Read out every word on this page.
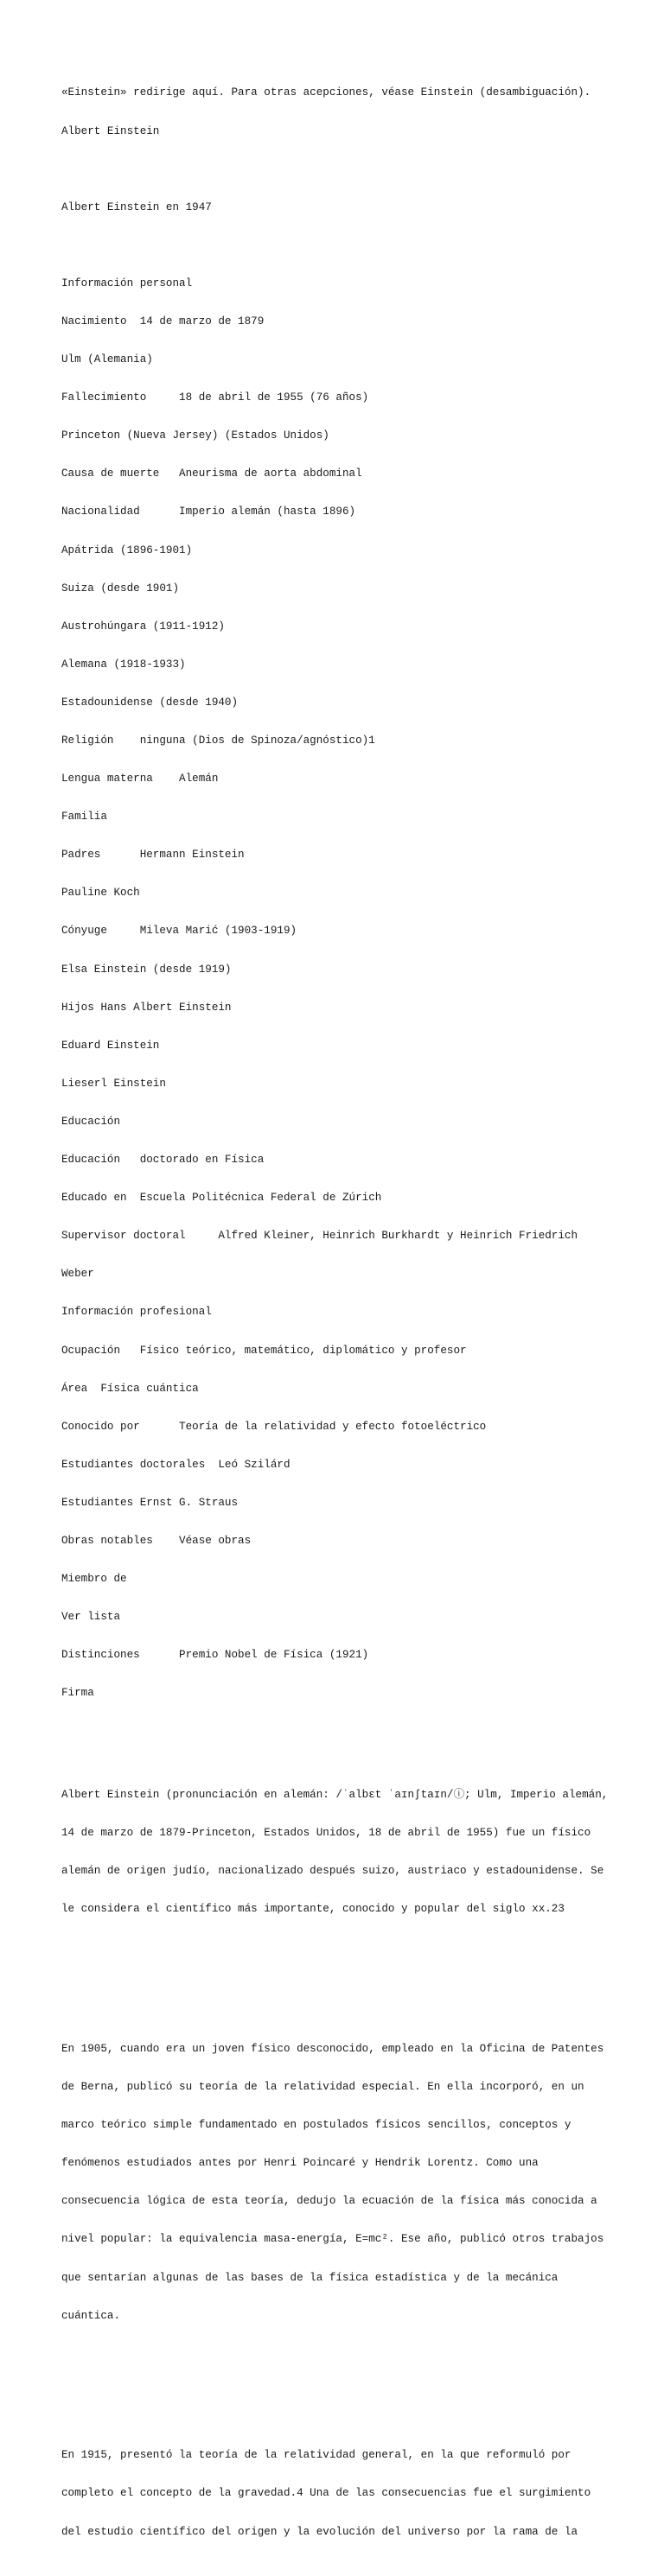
«Einstein» redirige aquí. Para otras acepciones, véase Einstein (desambiguación).

Albert Einstein

Albert Einstein en 1947

Información personal

Nacimiento  14 de marzo de 1879

Ulm (Alemania)

Fallecimiento     18 de abril de 1955 (76 años)

Princeton (Nueva Jersey) (Estados Unidos)

Causa de muerte   Aneurisma de aorta abdominal

Nacionalidad      Imperio alemán (hasta 1896)

Apátrida (1896-1901)

Suiza (desde 1901)

Austrohúngara (1911-1912)

Alemana (1918-1933)

Estadounidense (desde 1940)

Religión    ninguna (Dios de Spinoza/agnóstico)1

Lengua materna    Alemán

Familia

Padres      Hermann Einstein

Pauline Koch

Cónyuge     Mileva Marić (1903-1919)

Elsa Einstein (desde 1919)

Hijos Hans Albert Einstein

Eduard Einstein

Lieserl Einstein

Educación

Educación   doctorado en Física

Educado en  Escuela Politécnica Federal de Zúrich

Supervisor doctoral     Alfred Kleiner, Heinrich Burkhardt y Heinrich Friedrich

Weber

Información profesional

Ocupación   Físico teórico, matemático, diplomático y profesor

Área  Física cuántica

Conocido por      Teoría de la relatividad y efecto fotoeléctrico

Estudiantes doctorales  Leó Szilárd

Estudiantes Ernst G. Straus

Obras notables    Véase obras

Miembro de

Ver lista

Distinciones      Premio Nobel de Física (1921)

Firma

Albert Einstein (pronunciación en alemán: /ˈalbɛt ˈaɪnʃtaɪn/ⓘ; Ulm, Imperio alemán,

14 de marzo de 1879-Princeton, Estados Unidos, 18 de abril de 1955) fue un físico

alemán de origen judío, nacionalizado después suizo, austriaco y estadounidense. Se

le considera el científico más importante, conocido y popular del siglo xx.23

En 1905, cuando era un joven físico desconocido, empleado en la Oficina de Patentes

de Berna, publicó su teoría de la relatividad especial. En ella incorporó, en un

marco teórico simple fundamentado en postulados físicos sencillos, conceptos y

fenómenos estudiados antes por Henri Poincaré y Hendrik Lorentz. Como una

consecuencia lógica de esta teoría, dedujo la ecuación de la física más conocida a

nivel popular: la equivalencia masa-energía, E=mc². Ese año, publicó otros trabajos

que sentarían algunas de las bases de la física estadística y de la mecánica

cuántica.

En 1915, presentó la teoría de la relatividad general, en la que reformuló por

completo el concepto de la gravedad.4 Una de las consecuencias fue el surgimiento

del estudio científico del origen y la evolución del universo por la rama de la
